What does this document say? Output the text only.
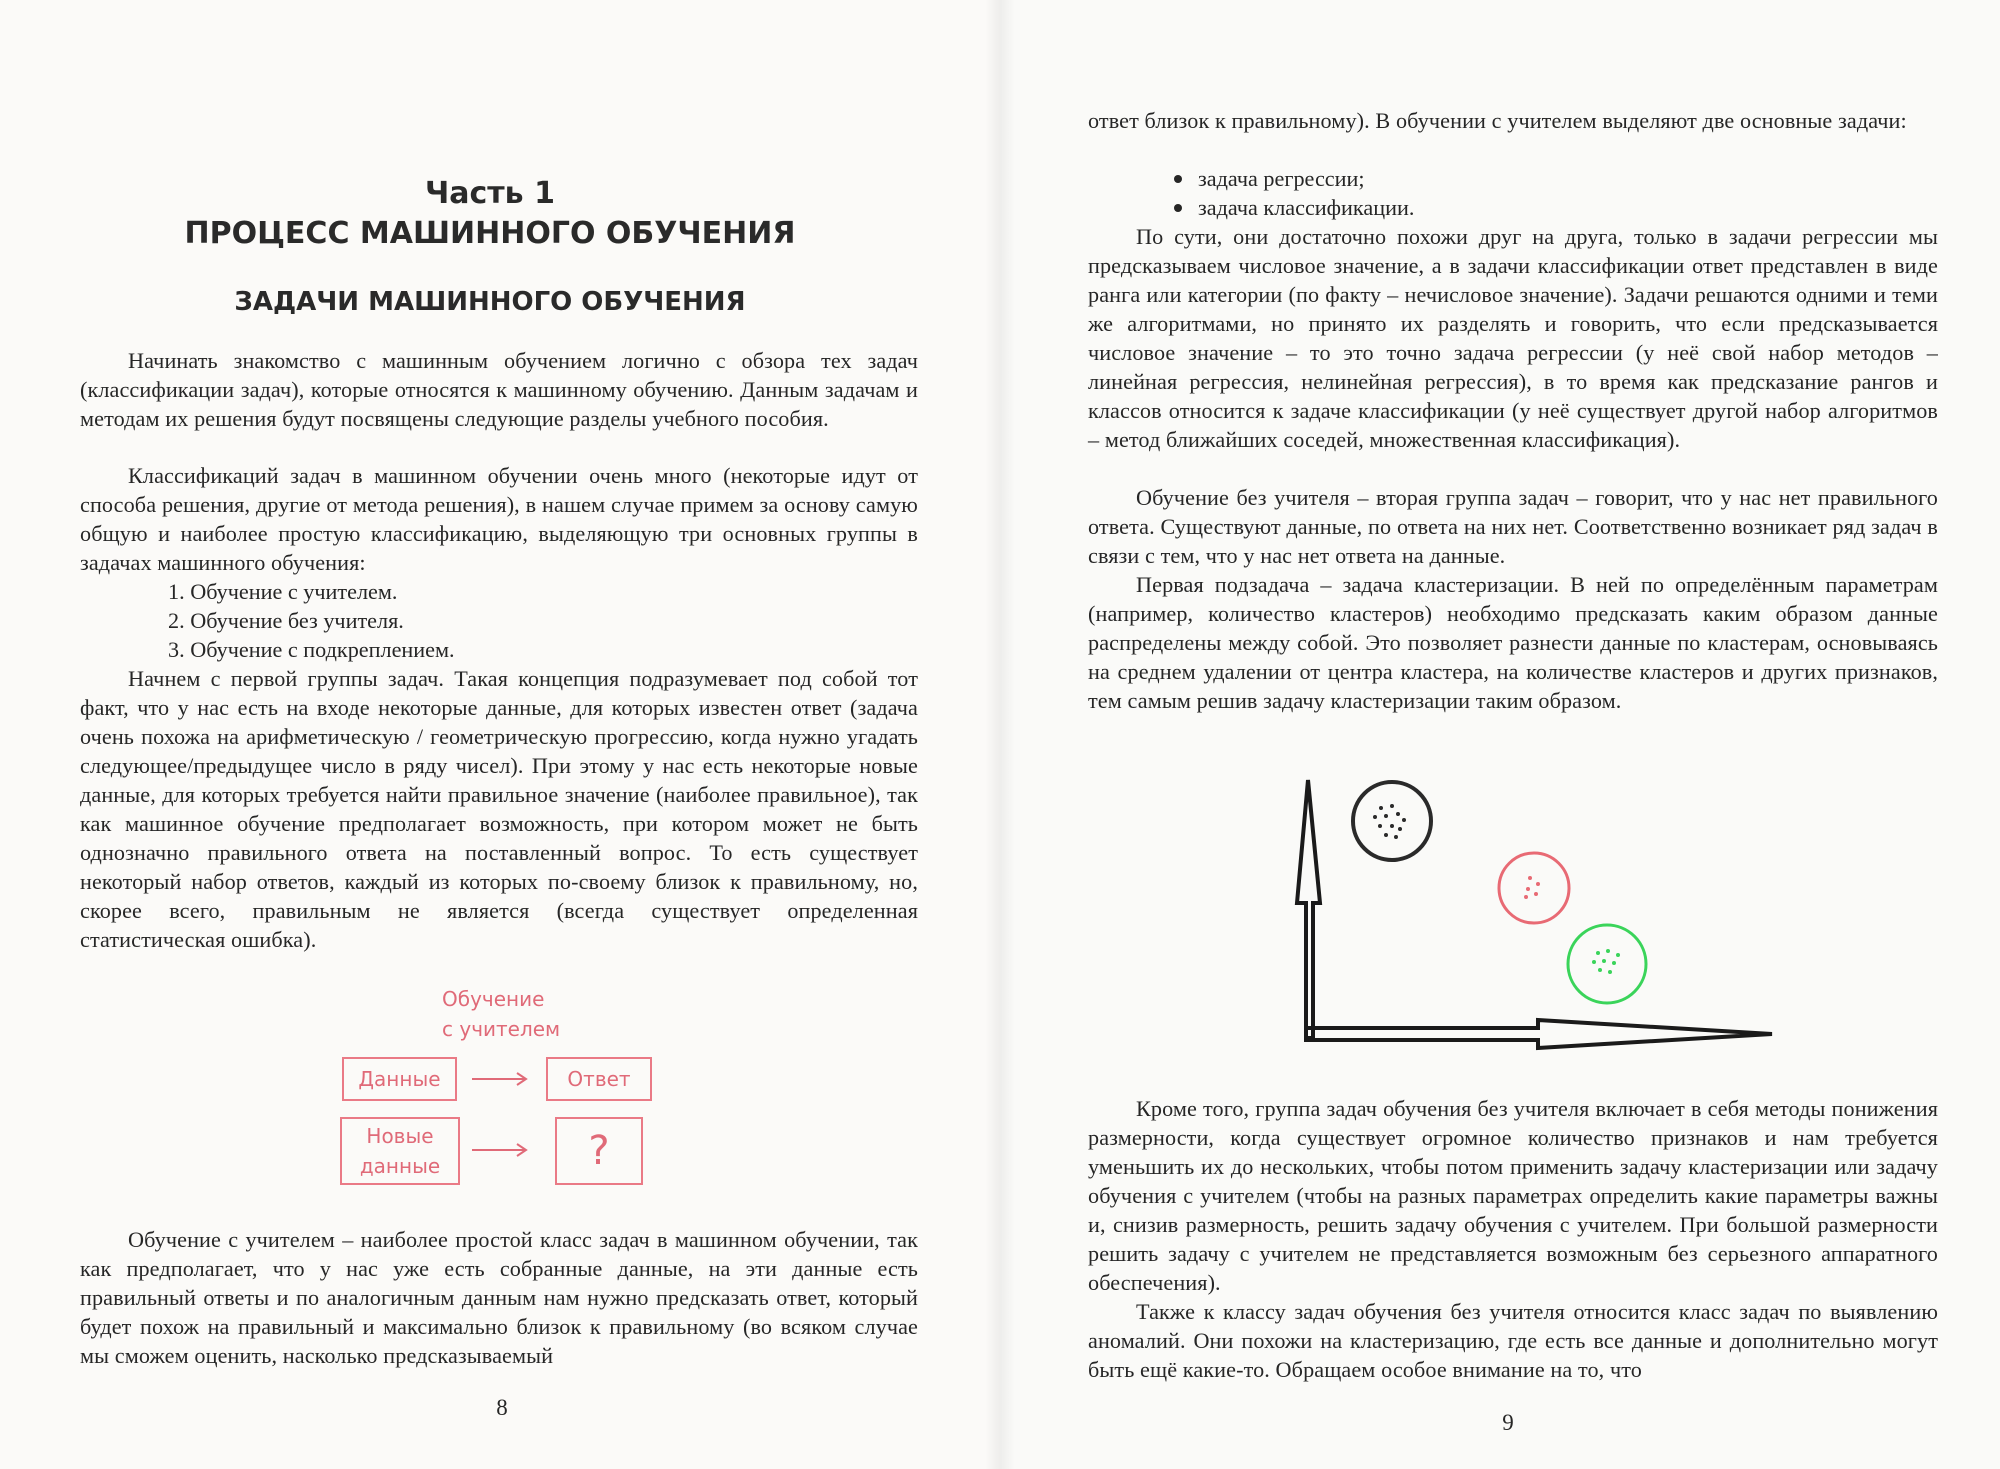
Часть 1
ПРОЦЕСС МАШИННОГО ОБУЧЕНИЯ
ЗАДАЧИ МАШИННОГО ОБУЧЕНИЯ

Начинать знакомство с машинным обучением логично с обзора тех задач (классификации задач), которые относятся к машинному обучению. Данным задачам и методам их решения будут посвящены следующие разделы учебного пособия.

Классификаций задач в машинном обучении очень много (некоторые идут от способа решения, другие от метода решения), в нашем случае примем за основу самую общую и наиболее простую классификацию, выделяющую три основных группы в задачах машинного обучения:

1. Обучение с учителем.
2. Обучение без учителя.
3. Обучение с подкреплением.

Начнем с первой группы задач. Такая концепция подразумевает под собой тот факт, что у нас есть на входе некоторые данные, для которых известен ответ (задача очень похожа на арифметическую / геометрическую прогрессию, когда нужно угадать следующее/предыдущее число в ряду чисел). При этому у нас есть некоторые новые данные, для которых требуется найти правильное значение (наиболее правильное), так как машинное обучение предполагает возможность, при котором может не быть однозначно правильного ответа на поставленный вопрос. То есть существует некоторый набор ответов, каждый из которых по-своему близок к правильному, но, скорее всего, правильным не является (всегда существует определенная статистическая ошибка).

Обучение

с учителем

Данные	Ответ
Новые
данные	?

Обучение с учителем – наиболее простой класс задач в машинном обучении, так как предполагает, что у нас уже есть собранные данные, на эти данные есть правильный ответы и по аналогичным данным нам нужно предсказать ответ, который будет похож на правильный и максимально близок к правильному (во всяком случае мы сможем оценить, насколько предсказываемый

8

ответ близок к правильному). В обучении с учителем выделяют две основные задачи:

задача регрессии;
задача классификации.

По сути, они достаточно похожи друг на друга, только в задачи регрессии мы предсказываем числовое значение, а в задачи классификации ответ представлен в виде ранга или категории (по факту – нечисловое значение). Задачи решаются одними и теми же алгоритмами, но принято их разделять и говорить, что если предсказывается числовое значение – то это точно задача регрессии (у неё свой набор методов – линейная регрессия, нелинейная регрессия), в то время как предсказание рангов и классов относится к задаче классификации (у неё существует другой набор алгоритмов – метод ближайших соседей, множественная классификация).

Обучение без учителя – вторая группа задач – говорит, что у нас нет правильного ответа. Существуют данные, по ответа на них нет. Соответственно возникает ряд задач в связи с тем, что у нас нет ответа на данные.

Первая подзадача – задача кластеризации. В ней по определённым параметрам (например, количество кластеров) необходимо предсказать каким образом данные распределены между собой. Это позволяет разнести данные по кластерам, основываясь на среднем удалении от центра кластера, на количестве кластеров и других признаков, тем самым решив задачу кластеризации таким образом.

Кроме того, группа задач обучения без учителя включает в себя методы понижения размерности, когда существует огромное количество признаков и нам требуется уменьшить их до нескольких, чтобы потом применить задачу кластеризации или задачу обучения с учителем (чтобы на разных параметрах определить какие параметры важны и, снизив размерность, решить задачу обучения с учителем. При большой размерности решить задачу с учителем не представляется возможным без серьезного аппаратного обеспечения).

Также к классу задач обучения без учителя относится класс задач по выявлению аномалий. Они похожи на кластеризацию, где есть все данные и дополнительно могут быть ещё какие-то. Обращаем особое внимание на то, что

9
